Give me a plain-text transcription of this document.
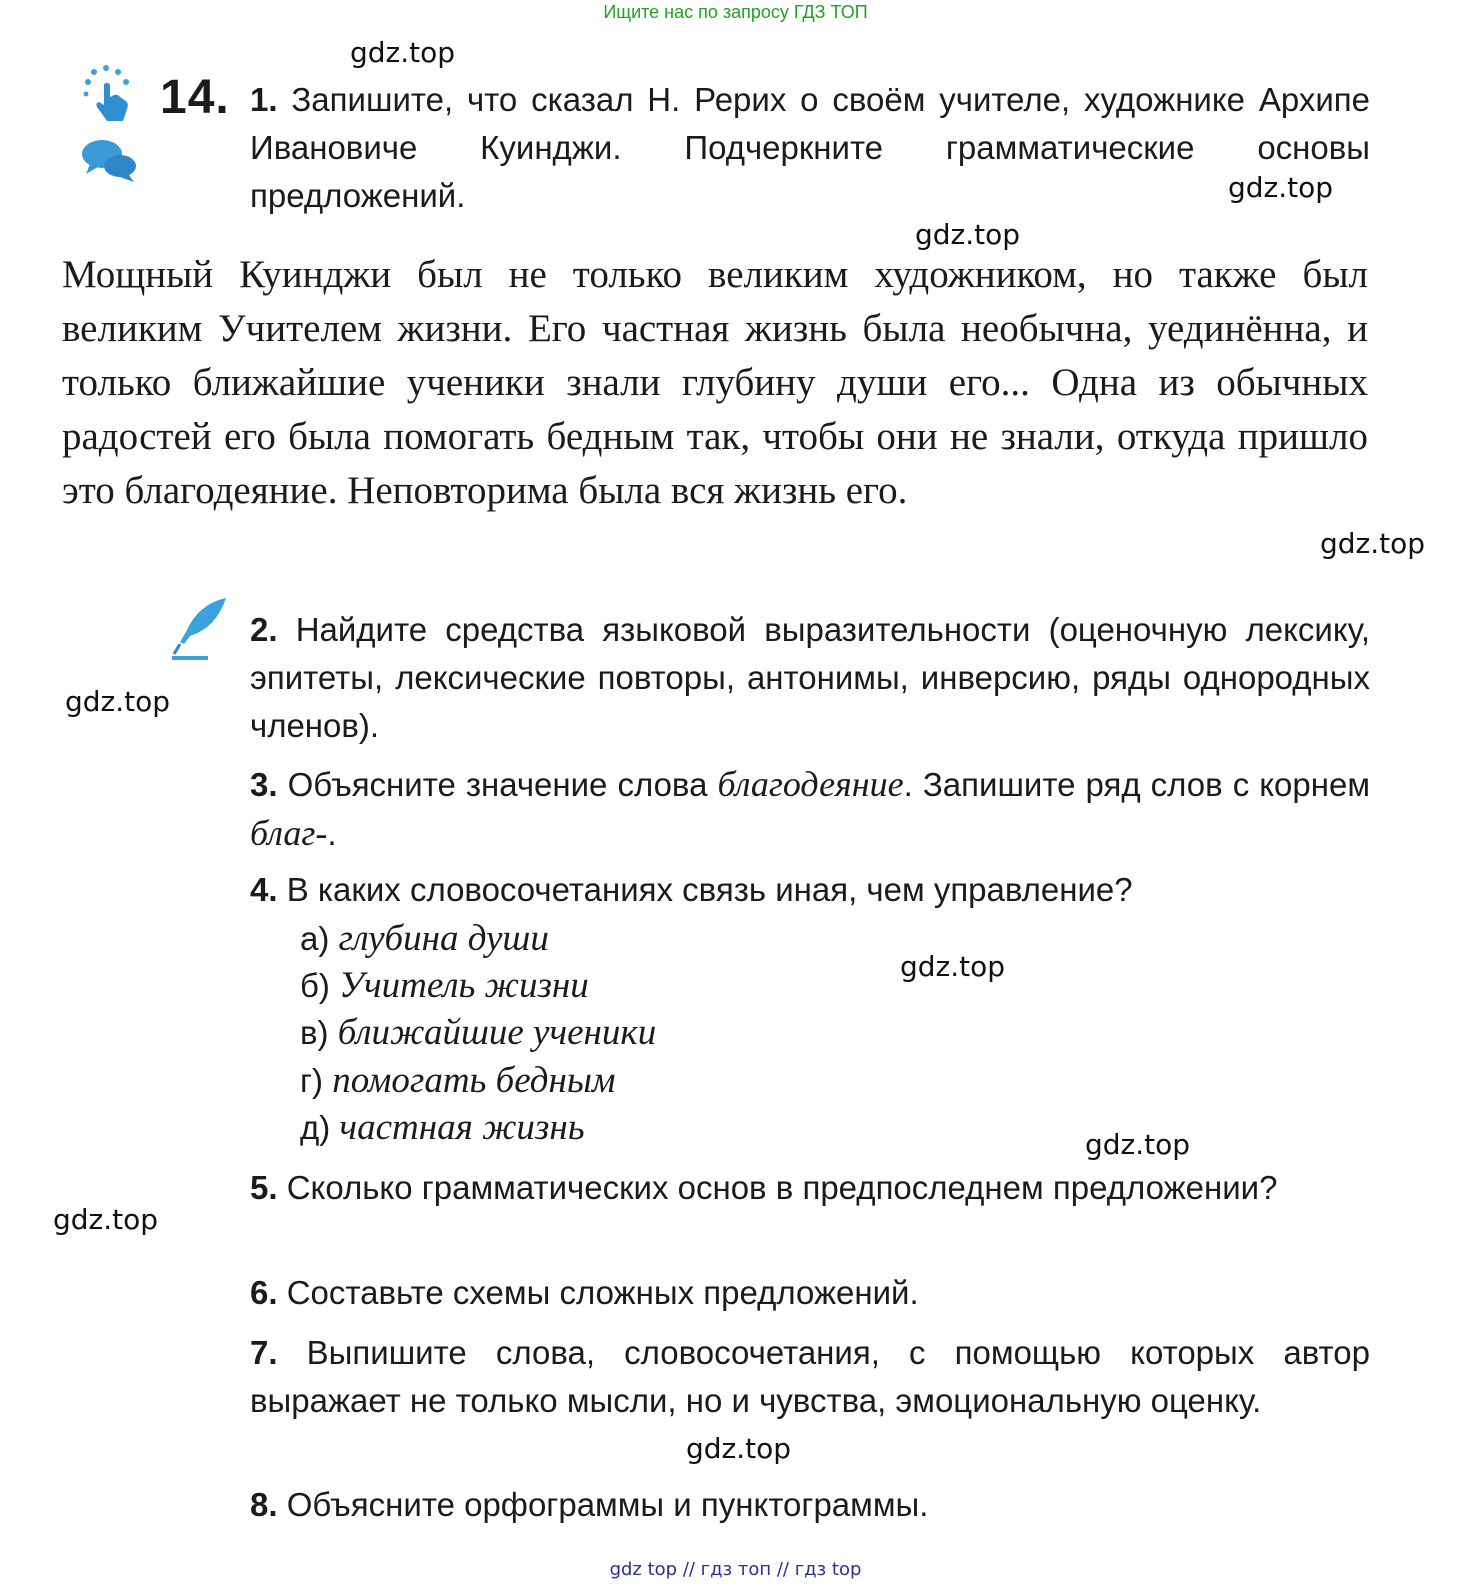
Ищите нас по запросу ГДЗ ТОП
14. 1. Запишите, что сказал Н. Рерих о своём учителе, художнике Архипе Ивановиче Куинджи. Подчеркните грамматические основы предложений.
Мощный Куинджи был не только великим художником, но также был великим Учителем жизни. Его частная жизнь была необычна, уединённа, и только ближайшие ученики знали глубину души его... Одна из обычных радостей его была помогать бедным так, чтобы они не знали, откуда пришло это благодеяние. Неповторима была вся жизнь его.
2. Найдите средства языковой выразительности (оценочную лексику, эпитеты, лексические повторы, антонимы, инверсию, ряды однородных членов).
3. Объясните значение слова благодеяние. Запишите ряд слов с корнем благ-.
4. В каких словосочетаниях связь иная, чем управление?
а) глубина души
б) Учитель жизни
в) ближайшие ученики
г) помогать бедным
д) частная жизнь
5. Сколько грамматических основ в предпоследнем предложении?
6. Составьте схемы сложных предложений.
7. Выпишите слова, словосочетания, с помощью которых автор выражает не только мысли, но и чувства, эмоциональную оценку.
8. Объясните орфограммы и пунктограммы.
gdz.top
gdz.top
gdz.top
gdz.top
gdz.top
gdz.top
gdz.top
gdz.top
gdz.top
gdz top // гдз топ // гдз top
